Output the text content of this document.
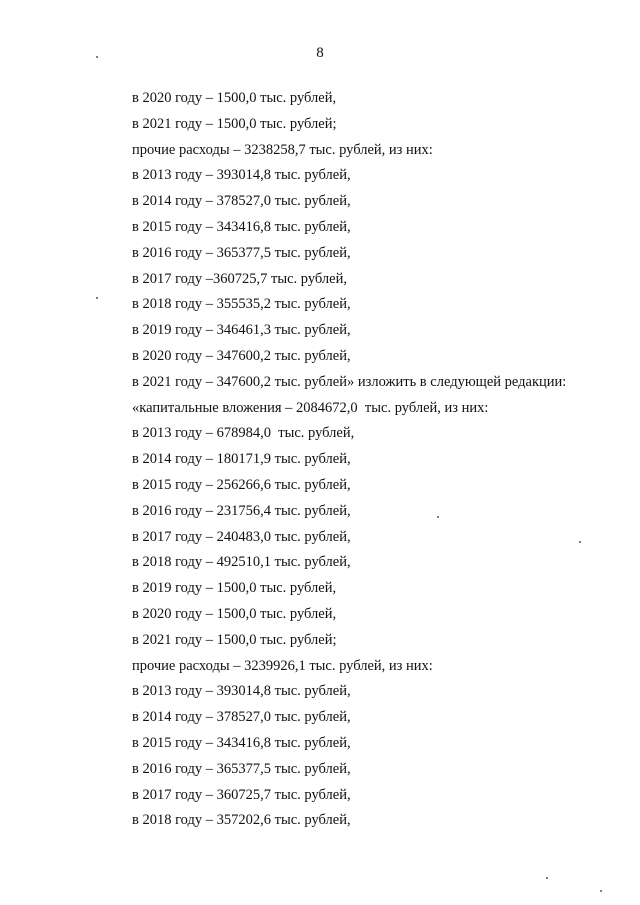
8
в 2020 году – 1500,0 тыс. рублей,
в 2021 году – 1500,0 тыс. рублей;
прочие расходы – 3238258,7 тыс. рублей, из них:
в 2013 году – 393014,8 тыс. рублей,
в 2014 году – 378527,0 тыс. рублей,
в 2015 году – 343416,8 тыс. рублей,
в 2016 году – 365377,5 тыс. рублей,
в 2017 году –360725,7 тыс. рублей,
в 2018 году – 355535,2 тыс. рублей,
в 2019 году – 346461,3 тыс. рублей,
в 2020 году – 347600,2 тыс. рублей,
в 2021 году – 347600,2 тыс. рублей» изложить в следующей редакции:
«капитальные вложения – 2084672,0  тыс. рублей, из них:
в 2013 году – 678984,0  тыс. рублей,
в 2014 году – 180171,9 тыс. рублей,
в 2015 году – 256266,6 тыс. рублей,
в 2016 году – 231756,4 тыс. рублей,
в 2017 году – 240483,0 тыс. рублей,
в 2018 году – 492510,1 тыс. рублей,
в 2019 году – 1500,0 тыс. рублей,
в 2020 году – 1500,0 тыс. рублей,
в 2021 году – 1500,0 тыс. рублей;
прочие расходы – 3239926,1 тыс. рублей, из них:
в 2013 году – 393014,8 тыс. рублей,
в 2014 году – 378527,0 тыс. рублей,
в 2015 году – 343416,8 тыс. рублей,
в 2016 году – 365377,5 тыс. рублей,
в 2017 году – 360725,7 тыс. рублей,
в 2018 году – 357202,6 тыс. рублей,
